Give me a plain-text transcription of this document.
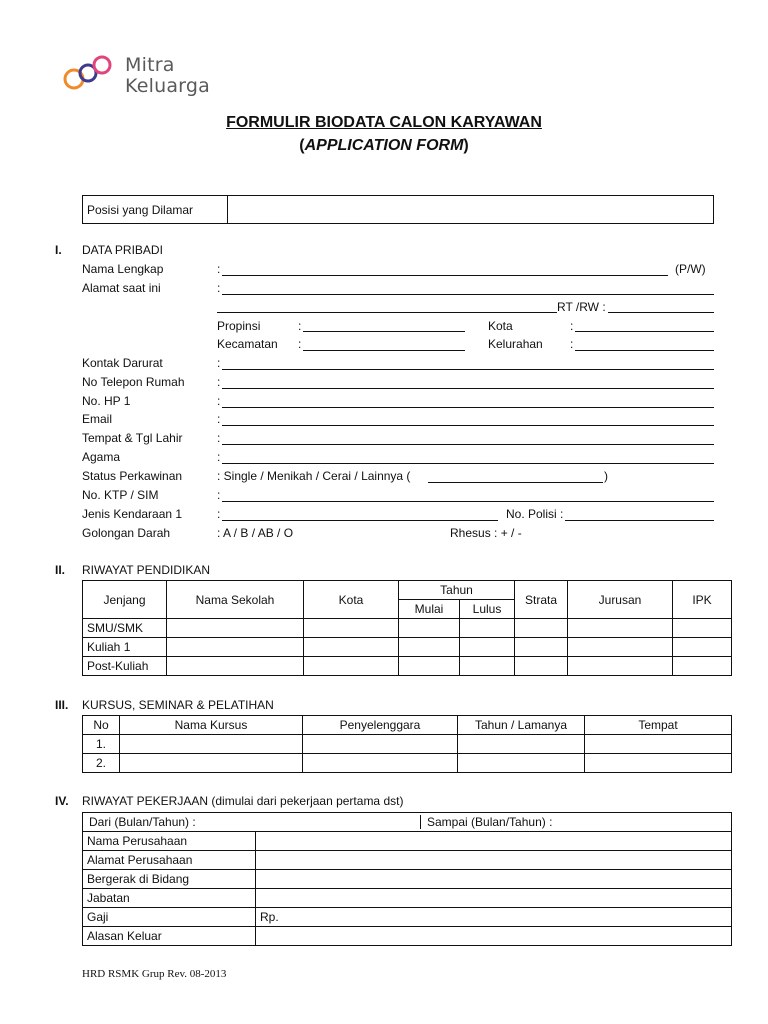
Mitra
Keluarga
FORMULIR BIODATA CALON KARYAWAN
(APPLICATION FORM)
Posisi yang Dilamar	
I. DATA PRIBADI
Nama Lengkap	:	(P/W)
Alamat saat ini	:
RT /RW :
Propinsi	:	Kota	:
Kecamatan :	Kelurahan :
Kontak Darurat	:
No Telepon Rumah	:
No. HP 1	:
Email	:
Tempat & Tgl Lahir	:
Agama	:
Status Perkawinan	: Single / Menikah / Cerai / Lainnya (	)
No. KTP / SIM	:
Jenis Kendaraan 1	:	No. Polisi :
Golongan Darah	: A / B / AB / O	Rhesus : + / -
II. RIWAYAT PENDIDIKAN
Jenjang	Nama Sekolah	Kota	Tahun		Strata	Jurusan	IPK
			Mulai	Lulus			
SMU/SMK							
Kuliah 1							
Post-Kuliah							
III. KURSUS, SEMINAR & PELATIHAN
No	Nama Kursus	Penyelenggara	Tahun / Lamanya	Tempat
1.				
2.				
IV. RIWAYAT PEKERJAAN (dimulai dari pekerjaan pertama dst)
Dari (Bulan/Tahun) : Sampai (Bulan/Tahun) :	

Nama Perusahaan	
Alamat Perusahaan	
Bergerak di Bidang	
Jabatan	
Gaji	Rp.
Alasan Keluar	
HRD RSMK Grup Rev. 08-2013
